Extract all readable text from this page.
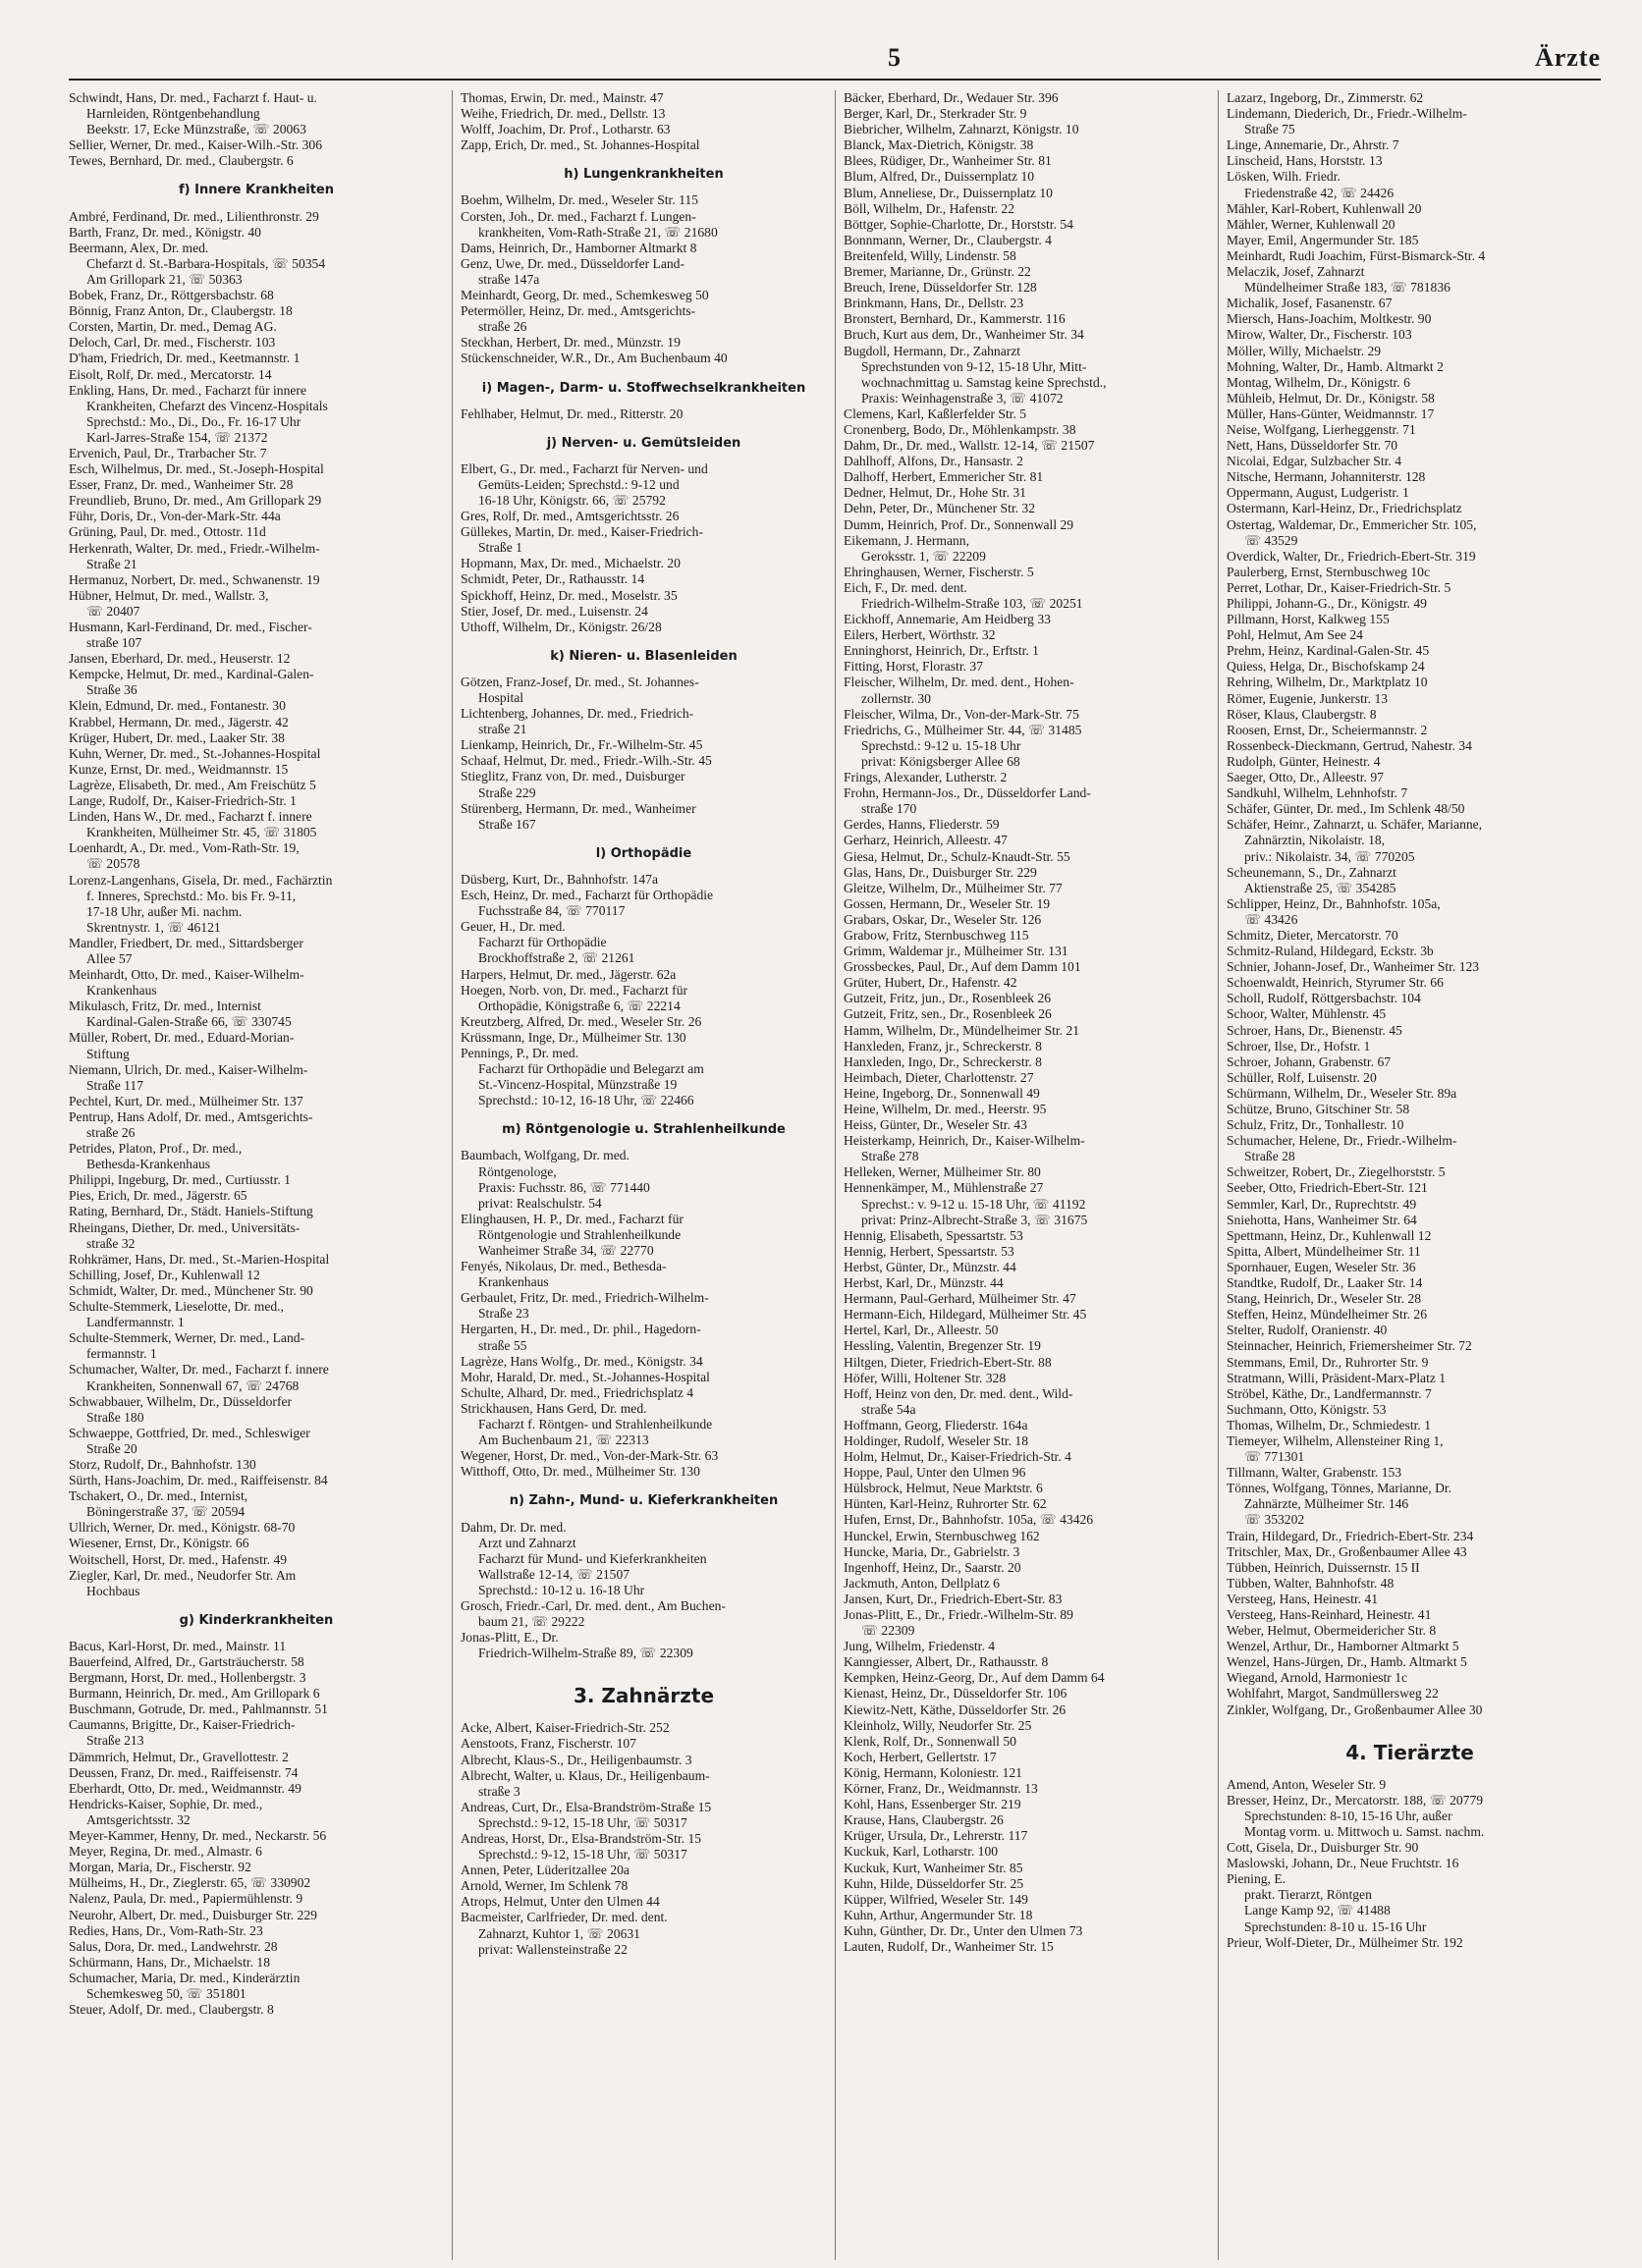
5	Ärzte
Schwindt, Hans, Dr. med., Facharzt f. Haut- u.
Harnleiden, Röntgenbehandlung
Beekstr. 17, Ecke Münzstraße, ☏ 20063
Sellier, Werner, Dr. med., Kaiser-Wilh.-Str. 306
Tewes, Bernhard, Dr. med., Claubergstr. 6
f) Innere Krankheiten
Ambré, Ferdinand, Dr. med., Lilienthronstr. 29
Barth, Franz, Dr. med., Königstr. 40
Beermann, Alex, Dr. med.
Chefarzt d. St.-Barbara-Hospitals, ☏ 50354
Am Grillopark 21, ☏ 50363
Bobek, Franz, Dr., Röttgersbachstr. 68
Bönnig, Franz Anton, Dr., Claubergstr. 18
Corsten, Martin, Dr. med., Demag AG.
Deloch, Carl, Dr. med., Fischerstr. 103
D'ham, Friedrich, Dr. med., Keetmannstr. 1
Eisolt, Rolf, Dr. med., Mercatorstr. 14
Enkling, Hans, Dr. med., Facharzt für innere
Krankheiten, Chefarzt des Vincenz-Hospitals
Sprechstd.: Mo., Di., Do., Fr. 16-17 Uhr
Karl-Jarres-Straße 154, ☏ 21372
Ervenich, Paul, Dr., Trarbacher Str. 7
Esch, Wilhelmus, Dr. med., St.-Joseph-Hospital
Esser, Franz, Dr. med., Wanheimer Str. 28
Freundlieb, Bruno, Dr. med., Am Grillopark 29
Führ, Doris, Dr., Von-der-Mark-Str. 44a
Grüning, Paul, Dr. med., Ottostr. 11d
Herkenrath, Walter, Dr. med., Friedr.-Wilhelm-
Straße 21
Hermanuz, Norbert, Dr. med., Schwanenstr. 19
Hübner, Helmut, Dr. med., Wallstr. 3,
☏ 20407
Husmann, Karl-Ferdinand, Dr. med., Fischer-
straße 107
Jansen, Eberhard, Dr. med., Heuserstr. 12
Kempcke, Helmut, Dr. med., Kardinal-Galen-
Straße 36
Klein, Edmund, Dr. med., Fontanestr. 30
Krabbel, Hermann, Dr. med., Jägerstr. 42
Krüger, Hubert, Dr. med., Laaker Str. 38
Kuhn, Werner, Dr. med., St.-Johannes-Hospital
Kunze, Ernst, Dr. med., Weidmannstr. 15
Lagrèze, Elisabeth, Dr. med., Am Freischütz 5
Lange, Rudolf, Dr., Kaiser-Friedrich-Str. 1
Linden, Hans W., Dr. med., Facharzt f. innere
Krankheiten, Mülheimer Str. 45, ☏ 31805
Loenhardt, A., Dr. med., Vom-Rath-Str. 19,
☏ 20578
Lorenz-Langenhans, Gisela, Dr. med., Fachärztin
f. Inneres, Sprechstd.: Mo. bis Fr. 9-11,
17-18 Uhr, außer Mi. nachm.
Skrentnystr. 1, ☏ 46121
Mandler, Friedbert, Dr. med., Sittardsberger
Allee 57
Meinhardt, Otto, Dr. med., Kaiser-Wilhelm-
Krankenhaus
Mikulasch, Fritz, Dr. med., Internist
Kardinal-Galen-Straße 66, ☏ 330745
Müller, Robert, Dr. med., Eduard-Morian-
Stiftung
Niemann, Ulrich, Dr. med., Kaiser-Wilhelm-
Straße 117
Pechtel, Kurt, Dr. med., Mülheimer Str. 137
Pentrup, Hans Adolf, Dr. med., Amtsgerichts-
straße 26
Petrides, Platon, Prof., Dr. med.,
Bethesda-Krankenhaus
Philippi, Ingeburg, Dr. med., Curtiusstr. 1
Pies, Erich, Dr. med., Jägerstr. 65
Rating, Bernhard, Dr., Städt. Haniels-Stiftung
Rheingans, Diether, Dr. med., Universitäts-
straße 32
Rohkrämer, Hans, Dr. med., St.-Marien-Hospital
Schilling, Josef, Dr., Kuhlenwall 12
Schmidt, Walter, Dr. med., Münchener Str. 90
Schulte-Stemmerk, Lieselotte, Dr. med.,
Landfermannstr. 1
Schulte-Stemmerk, Werner, Dr. med., Land-
fermannstr. 1
Schumacher, Walter, Dr. med., Facharzt f. innere
Krankheiten, Sonnenwall 67, ☏ 24768
Schwabbauer, Wilhelm, Dr., Düsseldorfer
Straße 180
Schwaeppe, Gottfried, Dr. med., Schleswiger
Straße 20
Storz, Rudolf, Dr., Bahnhofstr. 130
Sürth, Hans-Joachim, Dr. med., Raiffeisenstr. 84
Tschakert, O., Dr. med., Internist,
Böningerstraße 37, ☏ 20594
Ullrich, Werner, Dr. med., Königstr. 68-70
Wiesener, Ernst, Dr., Königstr. 66
Woitschell, Horst, Dr. med., Hafenstr. 49
Ziegler, Karl, Dr. med., Neudorfer Str. Am
Hochbaus
g) Kinderkrankheiten
Bacus, Karl-Horst, Dr. med., Mainstr. 11
Bauerfeind, Alfred, Dr., Gartsträucherstr. 58
Bergmann, Horst, Dr. med., Hollenbergstr. 3
Burmann, Heinrich, Dr. med., Am Grillopark 6
Buschmann, Gotrude, Dr. med., Pahlmannstr. 51
Caumanns, Brigitte, Dr., Kaiser-Friedrich-
Straße 213
Dämmrich, Helmut, Dr., Gravellottestr. 2
Deussen, Franz, Dr. med., Raiffeisenstr. 74
Eberhardt, Otto, Dr. med., Weidmannstr. 49
Hendricks-Kaiser, Sophie, Dr. med.,
Amtsgerichtsstr. 32
Meyer-Kammer, Henny, Dr. med., Neckarstr. 56
Meyer, Regina, Dr. med., Almastr. 6
Morgan, Maria, Dr., Fischerstr. 92
Mülheims, H., Dr., Zieglerstr. 65, ☏ 330902
Nalenz, Paula, Dr. med., Papiermühlenstr. 9
Neurohr, Albert, Dr. med., Duisburger Str. 229
Redies, Hans, Dr., Vom-Rath-Str. 23
Salus, Dora, Dr. med., Landwehrstr. 28
Schürmann, Hans, Dr., Michaelstr. 18
Schumacher, Maria, Dr. med., Kinderärztin
Schemkesweg 50, ☏ 351801
Steuer, Adolf, Dr. med., Claubergstr. 8
Thomas, Erwin, Dr. med., Mainstr. 47
Weihe, Friedrich, Dr. med., Dellstr. 13
Wolff, Joachim, Dr. Prof., Lotharstr. 63
Zapp, Erich, Dr. med., St. Johannes-Hospital
h) Lungenkrankheiten
Boehm, Wilhelm, Dr. med., Weseler Str. 115
Corsten, Joh., Dr. med., Facharzt f. Lungen-
krankheiten, Vom-Rath-Straße 21, ☏ 21680
Dams, Heinrich, Dr., Hamborner Altmarkt 8
Genz, Uwe, Dr. med., Düsseldorfer Land-
straße 147a
Meinhardt, Georg, Dr. med., Schemkesweg 50
Petermöller, Heinz, Dr. med., Amtsgerichts-
straße 26
Steckhan, Herbert, Dr. med., Münzstr. 19
Stückenschneider, W.R., Dr., Am Buchenbaum 40
i) Magen-, Darm- u. Stoffwechselkrankheiten
Fehlhaber, Helmut, Dr. med., Ritterstr. 20
j) Nerven- u. Gemütsleiden
Elbert, G., Dr. med., Facharzt für Nerven- und
Gemüts-Leiden; Sprechstd.: 9-12 und
16-18 Uhr, Königstr. 66, ☏ 25792
Gres, Rolf, Dr. med., Amtsgerichtsstr. 26
Güllekes, Martin, Dr. med., Kaiser-Friedrich-
Straße 1
Hopmann, Max, Dr. med., Michaelstr. 20
Schmidt, Peter, Dr., Rathausstr. 14
Spickhoff, Heinz, Dr. med., Moselstr. 35
Stier, Josef, Dr. med., Luisenstr. 24
Uthoff, Wilhelm, Dr., Königstr. 26/28
k) Nieren- u. Blasenleiden
Götzen, Franz-Josef, Dr. med., St. Johannes-
Hospital
Lichtenberg, Johannes, Dr. med., Friedrich-
straße 21
Lienkamp, Heinrich, Dr., Fr.-Wilhelm-Str. 45
Schaaf, Helmut, Dr. med., Friedr.-Wilh.-Str. 45
Stieglitz, Franz von, Dr. med., Duisburger
Straße 229
Stürenberg, Hermann, Dr. med., Wanheimer
Straße 167
l) Orthopädie
Düsberg, Kurt, Dr., Bahnhofstr. 147a
Esch, Heinz, Dr. med., Facharzt für Orthopädie
Fuchsstraße 84, ☏ 770117
Geuer, H., Dr. med.
Facharzt für Orthopädie
Brockhoffstraße 2, ☏ 21261
Harpers, Helmut, Dr. med., Jägerstr. 62a
Hoegen, Norb. von, Dr. med., Facharzt für
Orthopädie, Königstraße 6, ☏ 22214
Kreutzberg, Alfred, Dr. med., Weseler Str. 26
Krüssmann, Inge, Dr., Mülheimer Str. 130
Pennings, P., Dr. med.
Facharzt für Orthopädie und Belegarzt am
St.-Vincenz-Hospital, Münzstraße 19
Sprechstd.: 10-12, 16-18 Uhr, ☏ 22466
m) Röntgenologie u. Strahlenheilkunde
Baumbach, Wolfgang, Dr. med.
Röntgenologe,
Praxis: Fuchsstr. 86, ☏ 771440
privat: Realschulstr. 54
Elinghausen, H. P., Dr. med., Facharzt für
Röntgenologie und Strahlenheilkunde
Wanheimer Straße 34, ☏ 22770
Fenyés, Nikolaus, Dr. med., Bethesda-
Krankenhaus
Gerbaulet, Fritz, Dr. med., Friedrich-Wilhelm-
Straße 23
Hergarten, H., Dr. med., Dr. phil., Hagedorn-
straße 55
Lagrèze, Hans Wolfg., Dr. med., Königstr. 34
Mohr, Harald, Dr. med., St.-Johannes-Hospital
Schulte, Alhard, Dr. med., Friedrichsplatz 4
Strickhausen, Hans Gerd, Dr. med.
Facharzt f. Röntgen- und Strahlenheilkunde
Am Buchenbaum 21, ☏ 22313
Wegener, Horst, Dr. med., Von-der-Mark-Str. 63
Witthoff, Otto, Dr. med., Mülheimer Str. 130
n) Zahn-, Mund- u. Kieferkrankheiten
Dahm, Dr. Dr. med.
Arzt und Zahnarzt
Facharzt für Mund- und Kieferkrankheiten
Wallstraße 12-14, ☏ 21507
Sprechstd.: 10-12 u. 16-18 Uhr
Grosch, Friedr.-Carl, Dr. med. dent., Am Buchen-
baum 21, ☏ 29222
Jonas-Plitt, E., Dr.
Friedrich-Wilhelm-Straße 89, ☏ 22309
3. Zahnärzte
Acke, Albert, Kaiser-Friedrich-Str. 252
Aenstoots, Franz, Fischerstr. 107
Albrecht, Klaus-S., Dr., Heiligenbaumstr. 3
Albrecht, Walter, u. Klaus, Dr., Heiligenbaum-
straße 3
Andreas, Curt, Dr., Elsa-Brandström-Straße 15
Sprechstd.: 9-12, 15-18 Uhr, ☏ 50317
Andreas, Horst, Dr., Elsa-Brandström-Str. 15
Sprechstd.: 9-12, 15-18 Uhr, ☏ 50317
Annen, Peter, Lüderitzallee 20a
Arnold, Werner, Im Schlenk 78
Atrops, Helmut, Unter den Ulmen 44
Bacmeister, Carlfrieder, Dr. med. dent.
Zahnarzt, Kuhtor 1, ☏ 20631
privat: Wallensteinstraße 22
Bäcker, Eberhard, Dr., Wedauer Str. 396
Berger, Karl, Dr., Sterkrader Str. 9
Biebricher, Wilhelm, Zahnarzt, Königstr. 10
Blanck, Max-Dietrich, Königstr. 38
Blees, Rüdiger, Dr., Wanheimer Str. 81
Blum, Alfred, Dr., Duissernplatz 10
Blum, Anneliese, Dr., Duissernplatz 10
Böll, Wilhelm, Dr., Hafenstr. 22
Böttger, Sophie-Charlotte, Dr., Horststr. 54
Bonnmann, Werner, Dr., Claubergstr. 4
Breitenfeld, Willy, Lindenstr. 58
Bremer, Marianne, Dr., Grünstr. 22
Breuch, Irene, Düsseldorfer Str. 128
Brinkmann, Hans, Dr., Dellstr. 23
Bronstert, Bernhard, Dr., Kammerstr. 116
Bruch, Kurt aus dem, Dr., Wanheimer Str. 34
Bugdoll, Hermann, Dr., Zahnarzt
Sprechstunden von 9-12, 15-18 Uhr, Mitt-
wochnachmittag u. Samstag keine Sprechstd.,
Praxis: Weinhagenstraße 3, ☏ 41072
Clemens, Karl, Kaßlerfelder Str. 5
Cronenberg, Bodo, Dr., Möhlenkampstr. 38
Dahm, Dr., Dr. med., Wallstr. 12-14, ☏ 21507
Dahlhoff, Alfons, Dr., Hansastr. 2
Dalhoff, Herbert, Emmericher Str. 81
Dedner, Helmut, Dr., Hohe Str. 31
Dehn, Peter, Dr., Münchener Str. 32
Dumm, Heinrich, Prof. Dr., Sonnenwall 29
Eikemann, J. Hermann,
Geroksstr. 1, ☏ 22209
Ehringhausen, Werner, Fischerstr. 5
Eich, F., Dr. med. dent.
Friedrich-Wilhelm-Straße 103, ☏ 20251
Eickhoff, Annemarie, Am Heidberg 33
Eilers, Herbert, Wörthstr. 32
Enninghorst, Heinrich, Dr., Erftstr. 1
Fitting, Horst, Florastr. 37
Fleischer, Wilhelm, Dr. med. dent., Hohen-
zollernstr. 30
Fleischer, Wilma, Dr., Von-der-Mark-Str. 75
Friedrichs, G., Mülheimer Str. 44, ☏ 31485
Sprechstd.: 9-12 u. 15-18 Uhr
privat: Königsberger Allee 68
Frings, Alexander, Lutherstr. 2
Frohn, Hermann-Jos., Dr., Düsseldorfer Land-
straße 170
Gerdes, Hanns, Fliederstr. 59
Gerharz, Heinrich, Alleestr. 47
Giesa, Helmut, Dr., Schulz-Knaudt-Str. 55
Glas, Hans, Dr., Duisburger Str. 229
Gleitze, Wilhelm, Dr., Mülheimer Str. 77
Gossen, Hermann, Dr., Weseler Str. 19
Grabars, Oskar, Dr., Weseler Str. 126
Grabow, Fritz, Sternbuschweg 115
Grimm, Waldemar jr., Mülheimer Str. 131
Grossbeckes, Paul, Dr., Auf dem Damm 101
Grüter, Hubert, Dr., Hafenstr. 42
Gutzeit, Fritz, jun., Dr., Rosenbleek 26
Gutzeit, Fritz, sen., Dr., Rosenbleek 26
Hamm, Wilhelm, Dr., Mündelheimer Str. 21
Hanxleden, Franz, jr., Schreckerstr. 8
Hanxleden, Ingo, Dr., Schreckerstr. 8
Heimbach, Dieter, Charlottenstr. 27
Heine, Ingeborg, Dr., Sonnenwall 49
Heine, Wilhelm, Dr. med., Heerstr. 95
Heiss, Günter, Dr., Weseler Str. 43
Heisterkamp, Heinrich, Dr., Kaiser-Wilhelm-
Straße 278
Helleken, Werner, Mülheimer Str. 80
Hennenkämper, M., Mühlenstraße 27
Sprechst.: v. 9-12 u. 15-18 Uhr, ☏ 41192
privat: Prinz-Albrecht-Straße 3, ☏ 31675
Hennig, Elisabeth, Spessartstr. 53
Hennig, Herbert, Spessartstr. 53
Herbst, Günter, Dr., Münzstr. 44
Herbst, Karl, Dr., Münzstr. 44
Hermann, Paul-Gerhard, Mülheimer Str. 47
Hermann-Eich, Hildegard, Mülheimer Str. 45
Hertel, Karl, Dr., Alleestr. 50
Hessling, Valentin, Bregenzer Str. 19
Hiltgen, Dieter, Friedrich-Ebert-Str. 88
Höfer, Willi, Holtener Str. 328
Hoff, Heinz von den, Dr. med. dent., Wild-
straße 54a
Hoffmann, Georg, Fliederstr. 164a
Holdinger, Rudolf, Weseler Str. 18
Holm, Helmut, Dr., Kaiser-Friedrich-Str. 4
Hoppe, Paul, Unter den Ulmen 96
Hülsbrock, Helmut, Neue Marktstr. 6
Hünten, Karl-Heinz, Ruhrorter Str. 62
Hufen, Ernst, Dr., Bahnhofstr. 105a, ☏ 43426
Hunckel, Erwin, Sternbuschweg 162
Huncke, Maria, Dr., Gabrielstr. 3
Ingenhoff, Heinz, Dr., Saarstr. 20
Jackmuth, Anton, Dellplatz 6
Jansen, Kurt, Dr., Friedrich-Ebert-Str. 83
Jonas-Plitt, E., Dr., Friedr.-Wilhelm-Str. 89
☏ 22309
Jung, Wilhelm, Friedenstr. 4
Kanngiesser, Albert, Dr., Rathausstr. 8
Kempken, Heinz-Georg, Dr., Auf dem Damm 64
Kienast, Heinz, Dr., Düsseldorfer Str. 106
Kiewitz-Nett, Käthe, Düsseldorfer Str. 26
Kleinholz, Willy, Neudorfer Str. 25
Klenk, Rolf, Dr., Sonnenwall 50
Koch, Herbert, Gellertstr. 17
König, Hermann, Koloniestr. 121
Körner, Franz, Dr., Weidmannstr. 13
Kohl, Hans, Essenberger Str. 219
Krause, Hans, Claubergstr. 26
Krüger, Ursula, Dr., Lehrerstr. 117
Kuckuk, Karl, Lotharstr. 100
Kuckuk, Kurt, Wanheimer Str. 85
Kuhn, Hilde, Düsseldorfer Str. 25
Küpper, Wilfried, Weseler Str. 149
Kuhn, Arthur, Angermunder Str. 18
Kuhn, Günther, Dr. Dr., Unter den Ulmen 73
Lauten, Rudolf, Dr., Wanheimer Str. 15
Lazarz, Ingeborg, Dr., Zimmerstr. 62
Lindemann, Diederich, Dr., Friedr.-Wilhelm-
Straße 75
Linge, Annemarie, Dr., Ahrstr. 7
Linscheid, Hans, Horststr. 13
Lösken, Wilh. Friedr.
Friedenstraße 42, ☏ 24426
Mähler, Karl-Robert, Kuhlenwall 20
Mähler, Werner, Kuhlenwall 20
Mayer, Emil, Angermunder Str. 185
Meinhardt, Rudi Joachim, Fürst-Bismarck-Str. 4
Melaczik, Josef, Zahnarzt
Mündelheimer Straße 183, ☏ 781836
Michalik, Josef, Fasanenstr. 67
Miersch, Hans-Joachim, Moltkestr. 90
Mirow, Walter, Dr., Fischerstr. 103
Möller, Willy, Michaelstr. 29
Mohning, Walter, Dr., Hamb. Altmarkt 2
Montag, Wilhelm, Dr., Königstr. 6
Mühleib, Helmut, Dr. Dr., Königstr. 58
Müller, Hans-Günter, Weidmannstr. 17
Neise, Wolfgang, Lierheggenstr. 71
Nett, Hans, Düsseldorfer Str. 70
Nicolai, Edgar, Sulzbacher Str. 4
Nitsche, Hermann, Johanniterstr. 128
Oppermann, August, Ludgeristr. 1
Ostermann, Karl-Heinz, Dr., Friedrichsplatz
Ostertag, Waldemar, Dr., Emmericher Str. 105,
☏ 43529
Overdick, Walter, Dr., Friedrich-Ebert-Str. 319
Paulerberg, Ernst, Sternbuschweg 10c
Perret, Lothar, Dr., Kaiser-Friedrich-Str. 5
Philippi, Johann-G., Dr., Königstr. 49
Pillmann, Horst, Kalkweg 155
Pohl, Helmut, Am See 24
Prehm, Heinz, Kardinal-Galen-Str. 45
Quiess, Helga, Dr., Bischofskamp 24
Rehring, Wilhelm, Dr., Marktplatz 10
Römer, Eugenie, Junkerstr. 13
Röser, Klaus, Claubergstr. 8
Roosen, Ernst, Dr., Scheiermannstr. 2
Rossenbeck-Dieckmann, Gertrud, Nahestr. 34
Rudolph, Günter, Heinestr. 4
Saeger, Otto, Dr., Alleestr. 97
Sandkuhl, Wilhelm, Lehnhofstr. 7
Schäfer, Günter, Dr. med., Im Schlenk 48/50
Schäfer, Heinr., Zahnarzt, u. Schäfer, Marianne,
Zahnärztin, Nikolaistr. 18,
priv.: Nikolaistr. 34, ☏ 770205
Scheunemann, S., Dr., Zahnarzt
Aktienstraße 25, ☏ 354285
Schlipper, Heinz, Dr., Bahnhofstr. 105a,
☏ 43426
Schmitz, Dieter, Mercatorstr. 70
Schmitz-Ruland, Hildegard, Eckstr. 3b
Schnier, Johann-Josef, Dr., Wanheimer Str. 123
Schoenwaldt, Heinrich, Styrumer Str. 66
Scholl, Rudolf, Röttgersbachstr. 104
Schoor, Walter, Mühlenstr. 45
Schroer, Hans, Dr., Bienenstr. 45
Schroer, Ilse, Dr., Hofstr. 1
Schroer, Johann, Grabenstr. 67
Schüller, Rolf, Luisenstr. 20
Schürmann, Wilhelm, Dr., Weseler Str. 89a
Schütze, Bruno, Gitschiner Str. 58
Schulz, Fritz, Dr., Tonhallestr. 10
Schumacher, Helene, Dr., Friedr.-Wilhelm-
Straße 28
Schweitzer, Robert, Dr., Ziegelhorststr. 5
Seeber, Otto, Friedrich-Ebert-Str. 121
Semmler, Karl, Dr., Ruprechtstr. 49
Sniehotta, Hans, Wanheimer Str. 64
Spettmann, Heinz, Dr., Kuhlenwall 12
Spitta, Albert, Mündelheimer Str. 11
Spornhauer, Eugen, Weseler Str. 36
Standtke, Rudolf, Dr., Laaker Str. 14
Stang, Heinrich, Dr., Weseler Str. 28
Steffen, Heinz, Mündelheimer Str. 26
Stelter, Rudolf, Oranienstr. 40
Steinnacher, Heinrich, Friemersheimer Str. 72
Stemmans, Emil, Dr., Ruhrorter Str. 9
Stratmann, Willi, Präsident-Marx-Platz 1
Ströbel, Käthe, Dr., Landfermannstr. 7
Suchmann, Otto, Königstr. 53
Thomas, Wilhelm, Dr., Schmiedestr. 1
Tiemeyer, Wilhelm, Allensteiner Ring 1,
☏ 771301
Tillmann, Walter, Grabenstr. 153
Tönnes, Wolfgang, Tönnes, Marianne, Dr.
Zahnärzte, Mülheimer Str. 146
☏ 353202
Train, Hildegard, Dr., Friedrich-Ebert-Str. 234
Tritschler, Max, Dr., Großenbaumer Allee 43
Tübben, Heinrich, Duissernstr. 15 II
Tübben, Walter, Bahnhofstr. 48
Versteeg, Hans, Heinestr. 41
Versteeg, Hans-Reinhard, Heinestr. 41
Weber, Helmut, Obermeidericher Str. 8
Wenzel, Arthur, Dr., Hamborner Altmarkt 5
Wenzel, Hans-Jürgen, Dr., Hamb. Altmarkt 5
Wiegand, Arnold, Harmoniestr 1c
Wohlfahrt, Margot, Sandmüllersweg 22
Zinkler, Wolfgang, Dr., Großenbaumer Allee 30
4. Tierärzte
Amend, Anton, Weseler Str. 9
Bresser, Heinz, Dr., Mercatorstr. 188, ☏ 20779
Sprechstunden: 8-10, 15-16 Uhr, außer
Montag vorm. u. Mittwoch u. Samst. nachm.
Cott, Gisela, Dr., Duisburger Str. 90
Maslowski, Johann, Dr., Neue Fruchtstr. 16
Piening, E.
prakt. Tierarzt, Röntgen
Lange Kamp 92, ☏ 41488
Sprechstunden: 8-10 u. 15-16 Uhr
Prieur, Wolf-Dieter, Dr., Mülheimer Str. 192
